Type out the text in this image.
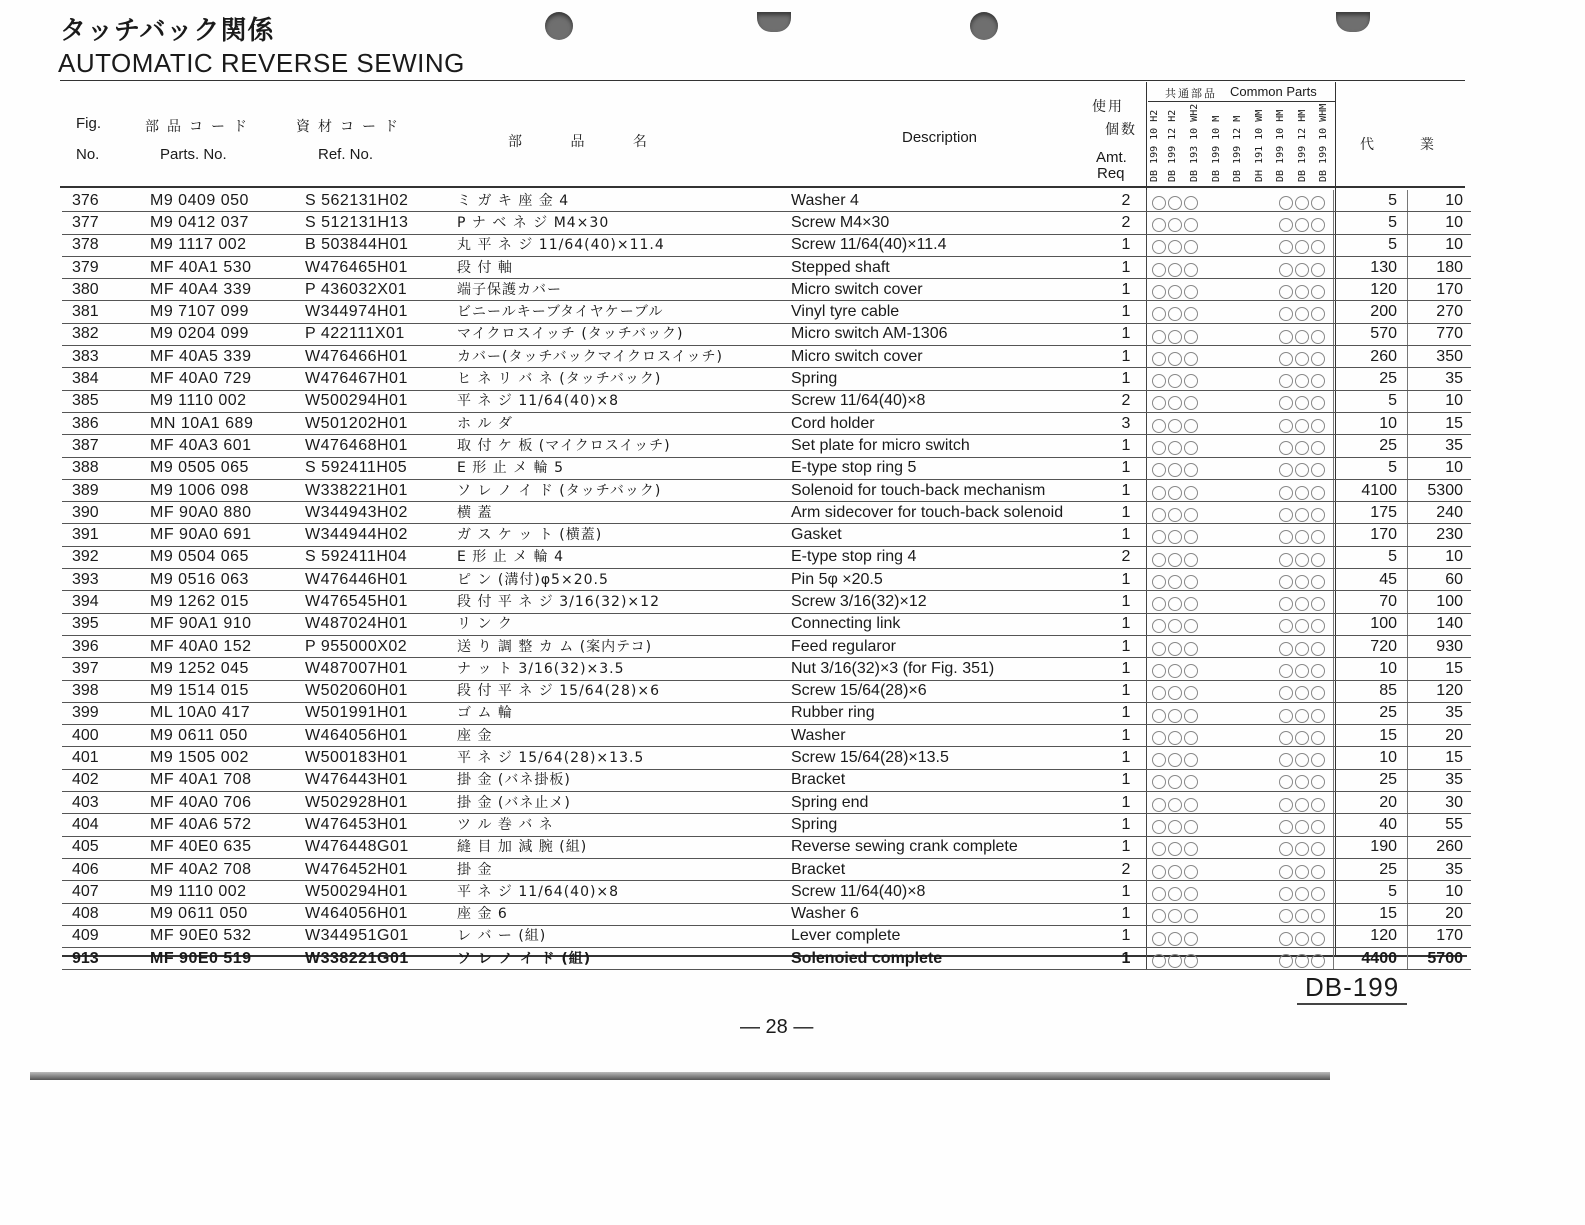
タッチバック関係
AUTOMATIC REVERSE SEWING
Fig.
No.
部品コード
Parts. No.
資材コード
Ref. No.
部 品 名	Description
使用
個数
Amt.
Req
共通部品 Common Parts
代	業
DB 199 10 H2 DB 199 12 H2 DB 193 10 WH2 DB 199 10 M DB 199 12 M DH 191 10 WM DB 199 10 HM DB 199 12 HM DB 199 10 WHM
376	M9 0409 050	S 562131H02	ミ ガ キ 座 金 4	Washer 4	2		5	10
377	M9 0412 037	S 512131H13	P ナ ベ ネ ジ M4×30	Screw M4×30	2		5	10
378	M9 1117 002	B 503844H01	丸 平 ネ ジ 11/64(40)×11.4	Screw 11/64(40)×11.4	1		5	10
379	MF 40A1 530	W476465H01	段 付 軸	Stepped shaft	1		130	180
380	MF 40A4 339	P 436032X01	端子保護カバー	Micro switch cover	1		120	170
381	M9 7107 099	W344974H01	ビニールキーブタイヤケーブル	Vinyl tyre cable	1		200	270
382	M9 0204 099	P 422111X01	マイクロスイッチ (タッチバック)	Micro switch AM-1306	1		570	770
383	MF 40A5 339	W476466H01	カバー(タッチバックマイクロスイッチ)	Micro switch cover	1		260	350
384	MF 40A0 729	W476467H01	ヒ ネ リ バ ネ (タッチバック)	Spring	1		25	35
385	M9 1110 002	W500294H01	平 ネ ジ 11/64(40)×8	Screw 11/64(40)×8	2		5	10
386	MN 10A1 689	W501202H01	ホ ル ダ	Cord holder	3		10	15
387	MF 40A3 601	W476468H01	取 付 ケ 板 (マイクロスイッチ)	Set plate for micro switch	1		25	35
388	M9 0505 065	S 592411H05	E 形 止 メ 輪 5	E-type stop ring 5	1		5	10
389	M9 1006 098	W338221H01	ソ レ ノ イ ド (タッチバック)	Solenoid for touch-back mechanism	1		4100	5300
390	MF 90A0 880	W344943H02	横 蓋	Arm sidecover for touch-back solenoid	1		175	240
391	MF 90A0 691	W344944H02	ガ ス ケ ッ ト (横蓋)	Gasket	1		170	230
392	M9 0504 065	S 592411H04	E 形 止 メ 輪 4	E-type stop ring 4	2		5	10
393	M9 0516 063	W476446H01	ピ ン (溝付)φ5×20.5	Pin 5φ ×20.5	1		45	60
394	M9 1262 015	W476545H01	段 付 平 ネ ジ 3/16(32)×12	Screw 3/16(32)×12	1		70	100
395	MF 90A1 910	W487024H01	リ ン ク	Connecting link	1		100	140
396	MF 40A0 152	P 955000X02	送 り 調 整 カ ム (案内テコ)	Feed regularor	1		720	930
397	M9 1252 045	W487007H01	ナ ッ ト 3/16(32)×3.5	Nut 3/16(32)×3 (for Fig. 351)	1		10	15
398	M9 1514 015	W502060H01	段 付 平 ネ ジ 15/64(28)×6	Screw 15/64(28)×6	1		85	120
399	ML 10A0 417	W501991H01	ゴ ム 輪	Rubber ring	1		25	35
400	M9 0611 050	W464056H01	座 金	Washer	1		15	20
401	M9 1505 002	W500183H01	平 ネ ジ 15/64(28)×13.5	Screw 15/64(28)×13.5	1		10	15
402	MF 40A1 708	W476443H01	掛 金 (バネ掛板)	Bracket	1		25	35
403	MF 40A0 706	W502928H01	掛 金 (バネ止メ)	Spring end	1		20	30
404	MF 40A6 572	W476453H01	ツ ル 巻 バ ネ	Spring	1		40	55
405	MF 40E0 635	W476448G01	縫 目 加 減 腕 (組)	Reverse sewing crank complete	1		190	260
406	MF 40A2 708	W476452H01	掛 金	Bracket	2		25	35
407	M9 1110 002	W500294H01	平 ネ ジ 11/64(40)×8	Screw 11/64(40)×8	1		5	10
408	M9 0611 050	W464056H01	座 金 6	Washer 6	1		15	20
409	MF 90E0 532	W344951G01	レ バ ー (組)	Lever complete	1		120	170
913	MF 90E0 519	W338221G01	ソ レ ノ イ ド (組)	Solenoied complete	1		4400	5700
DB-199
— 28 —
